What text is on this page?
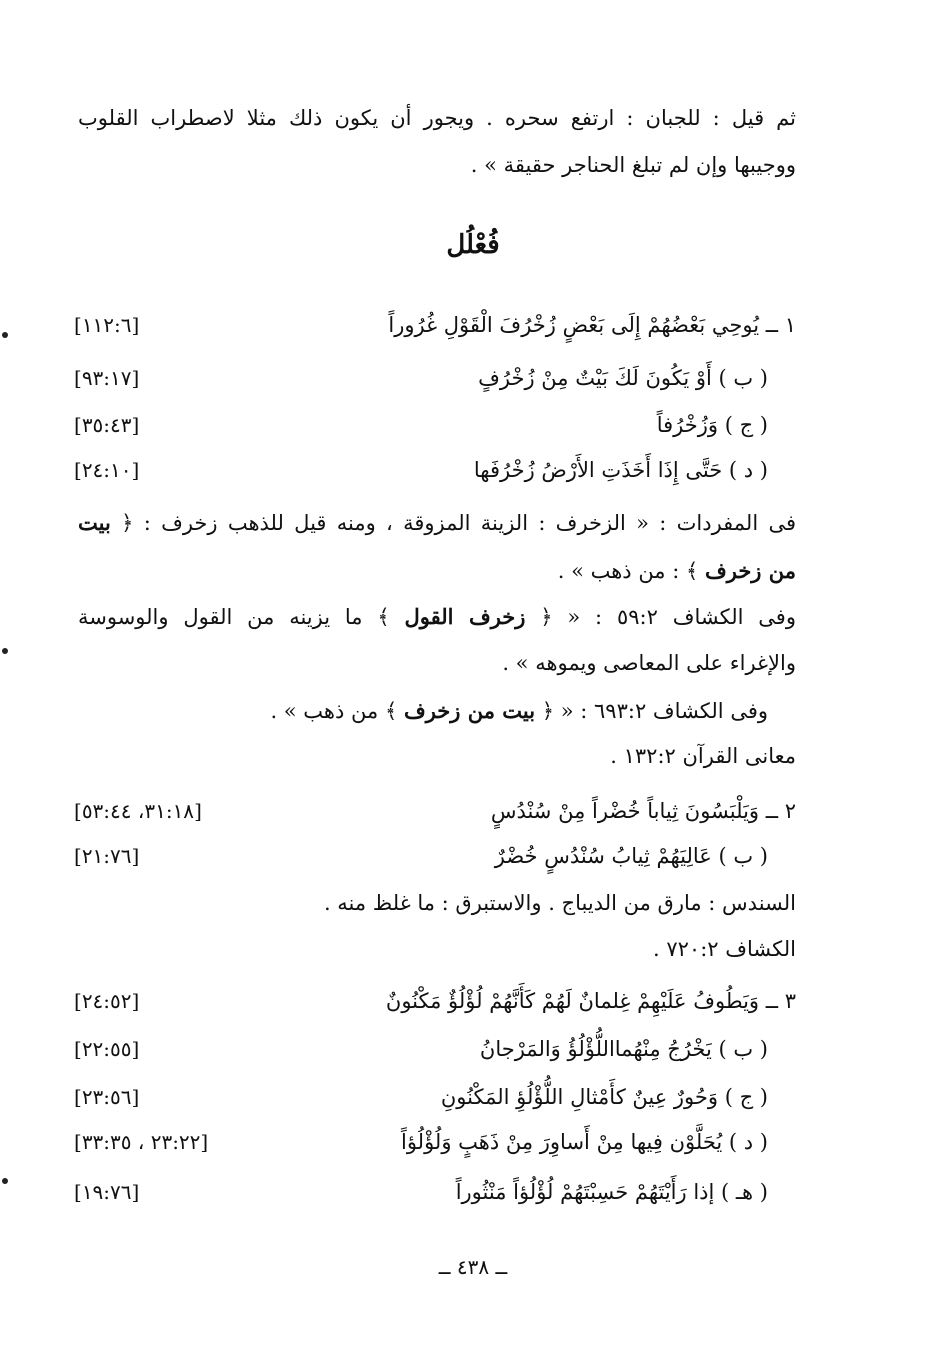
ثم قيل : للجبان : ارتفع سحره . ويجور أن يكون ذلك مثلا لاصطراب القلوب
ووجيبها وإن لم تبلغ الحناجر حقيقة » .
فُعْلُل
١ ــ يُوحِي بَعْضُهُمْ إِلَى بَعْضٍ زُخْرُفَ الْقَوْلِ غُرُوراً
[١١٢:٦]
( ب ) أَوْ يَكُونَ لَكَ بَيْتٌ مِنْ زُخْرُفٍ
[٩٣:١٧]
( ج ) وَزُخْرُفاً
[٣٥:٤٣]
( د ) حَتَّى إِذَا أَخَذَتِ الأَرْضُ زُخْرُفَها
[٢٤:١٠]
فى المفردات : « الزخرف : الزينة المزوقة ، ومنه قيل للذهب زخرف : ﴿ بيت
من زخرف ﴾ : من ذهب » .
وفى الكشاف ٥٩:٢ : « ﴿ زخرف القول ﴾ ما يزينه من القول والوسوسة
والإغراء على المعاصى ويموهه » .
وفى الكشاف ٦٩٣:٢ : « ﴿ بيت من زخرف ﴾ من ذهب » .
معانى القرآن ١٣٢:٢ .
٢ ــ وَيَلْبَسُونَ ثِياباً خُضْراً مِنْ سُنْدُسٍ
[٣١:١٨، ٥٣:٤٤]
( ب ) عَالِيَهُمْ ثِيابُ سُنْدُسٍ خُضْرٌ
[٢١:٧٦]
السندس : مارق من الديباج . والاستبرق : ما غلظ منه .
الكشاف ٧٢٠:٢ .
٣ ــ وَيَطُوفُ عَلَيْهِمْ غِلمانٌ لَهُمْ كَأَنَّهُمْ لُؤْلُؤٌ مَكْنُونٌ
[٢٤:٥٢]
( ب ) يَخْرُجُ مِنْهُمااللُّؤْلُؤُ وَالمَرْجانُ
[٢٢:٥٥]
( ج ) وَحُورٌ عِينٌ كأَمْثالِ اللُّؤْلُؤِ المَكْنُونِ
[٢٣:٥٦]
( د ) يُحَلَّوْن فِيها مِنْ أَساوِرَ مِنْ ذَهَبٍ وَلُؤْلُؤاً
[٢٣:٢٢ ، ٣٣:٣٥]
( هـ ) إذا رَأَيْتَهُمْ حَسِبْتَهُمْ لُؤْلُؤاً مَنْثُوراً
[١٩:٧٦]
ــ ٤٣٨ ــ
